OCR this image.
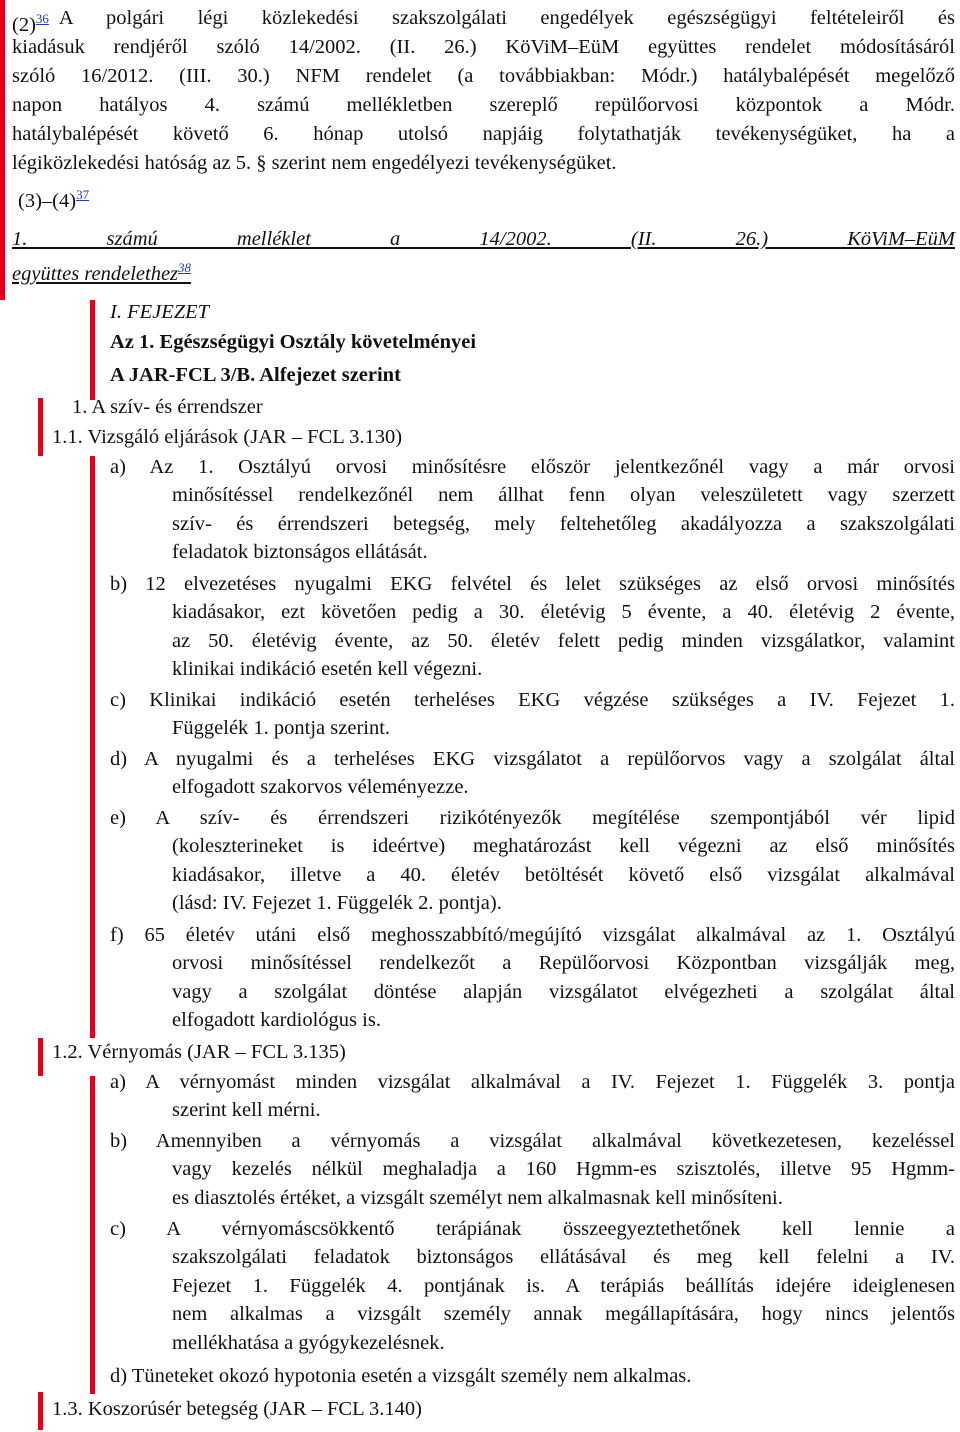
$(2)^{36}$ A polgári légi közlekedési szakszolgálati engedélyek egészségügyi feltételeiről és
kiadásuk rendjéről szóló 14/2002. (II. 26.) KöViM–EüM együttes rendelet módosításáról
szóló 16/2012. (III. 30.) NFM rendelet (a továbbiakban: Módr.) hatálybalépését megelőző
napon hatályos 4. számú mellékletben szereplő repülőorvosi központok a Módr.
hatálybalépését követő 6. hónap utolsó napjáig folytathatják tevékenységüket, ha a
légiközlekedési hatóság az 5. § szerint nem engedélyezi tevékenységüket.
$(3)-(4)^{37}$
1. számú melléklet a 14/2002. (II. 26.) KöViM–EüM
együttes rendelethez$^{38}$
I. FEJEZET
Az 1. Egészségügyi Osztály követelményei
A JAR-FCL 3/B. Alfejezet szerint
1. A szív- és érrendszer
1.1. Vizsgáló eljárások (JAR – FCL 3.130)
a) Az 1. Osztályú orvosi minősítésre először jelentkezőnél vagy a már orvosi
minősítéssel rendelkezőnél nem állhat fenn olyan veleszületett vagy szerzett
szív- és érrendszeri betegség, mely feltehetőleg akadályozza a szakszolgálati
feladatok biztonságos ellátását.
b) 12 elvezetéses nyugalmi EKG felvétel és lelet szükséges az első orvosi minősítés
kiadásakor, ezt követően pedig a 30. életévig 5 évente, a 40. életévig 2 évente,
az 50. életévig évente, az 50. életév felett pedig minden vizsgálatkor, valamint
klinikai indikáció esetén kell végezni.
c) Klinikai indikáció esetén terheléses EKG végzése szükséges a IV. Fejezet 1.
Függelék 1. pontja szerint.
d) A nyugalmi és a terheléses EKG vizsgálatot a repülőorvos vagy a szolgálat által
elfogadott szakorvos véleményezze.
e) A szív- és érrendszeri rizikótényezők megítélése szempontjából vér lipid
(koleszterineket is ideértve) meghatározást kell végezni az első minősítés
kiadásakor, illetve a 40. életév betöltését követő első vizsgálat alkalmával
(lásd: IV. Fejezet 1. Függelék 2. pontja).
f) 65 életév utáni első meghosszabbító/megújító vizsgálat alkalmával az 1. Osztályú
orvosi minősítéssel rendelkezőt a Repülőorvosi Központban vizsgálják meg,
vagy a szolgálat döntése alapján vizsgálatot elvégezheti a szolgálat által
elfogadott kardiológus is.
1.2. Vérnyomás (JAR – FCL 3.135)
a) A vérnyomást minden vizsgálat alkalmával a IV. Fejezet 1. Függelék 3. pontja
szerint kell mérni.
b) Amennyiben a vérnyomás a vizsgálat alkalmával következetesen, kezeléssel
vagy kezelés nélkül meghaladja a 160 Hgmm-es szisztolés, illetve 95 Hgmm-
es diasztolés értéket, a vizsgált személyt nem alkalmasnak kell minősíteni.
c) A vérnyomáscsökkentő terápiának összeegyeztethetőnek kell lennie a
szakszolgálati feladatok biztonságos ellátásával és meg kell felelni a IV.
Fejezet 1. Függelék 4. pontjának is. A terápiás beállítás idejére ideiglenesen
nem alkalmas a vizsgált személy annak megállapítására, hogy nincs jelentős
mellékhatása a gyógykezelésnek.
d) Tüneteket okozó hypotonia esetén a vizsgált személy nem alkalmas.
1.3. Koszorúsér betegség (JAR – FCL 3.140)
